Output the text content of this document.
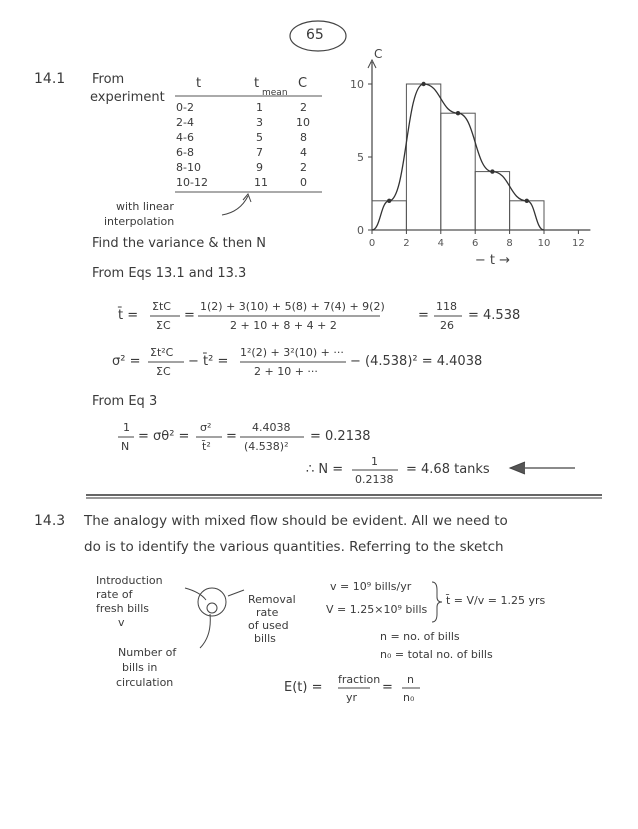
C
0	2	4	6	8 10 12
0
5
10
− t →
65
14.1 From
experiment
t	t
mean
C
0-2	1	2
2-4	3	10
4-6	5	8
6-8	7	4
8-10	9	2
10-12	11	0
with linear
interpolation
Find the variance & then N
From Eqs 13.1 and 13.3
t̄ =
ΣtC
ΣC
=
1(2) + 3(10) + 5(8) + 7(4) + 9(2)
2 + 10 + 8 + 4 + 2
=
118
26
= 4.538
σ² =
Σt²C
ΣC
− t̄² =
1²(2) + 3²(10) + ···
2 + 10 + ···
− (4.538)² = 4.4038
From Eq 3
1
N
= σθ² =
σ²
t̄²
=
4.4038
(4.538)²
= 0.2138
∴ N =
1
0.2138
= 4.68 tanks
14.3 The analogy with mixed flow should be evident. All we need to
do is to identify the various quantities. Referring to the sketch
Introduction
rate of
fresh bills
v
Removal
rate
of used
bills
Number of
bills in
circulation
v = 10⁹ bills/yr
V = 1.25×10⁹ bills
t̄ = V/v = 1.25 yrs
n = no. of bills
n₀ = total no. of bills
E(t) =
fraction
yr
=
n
n₀
